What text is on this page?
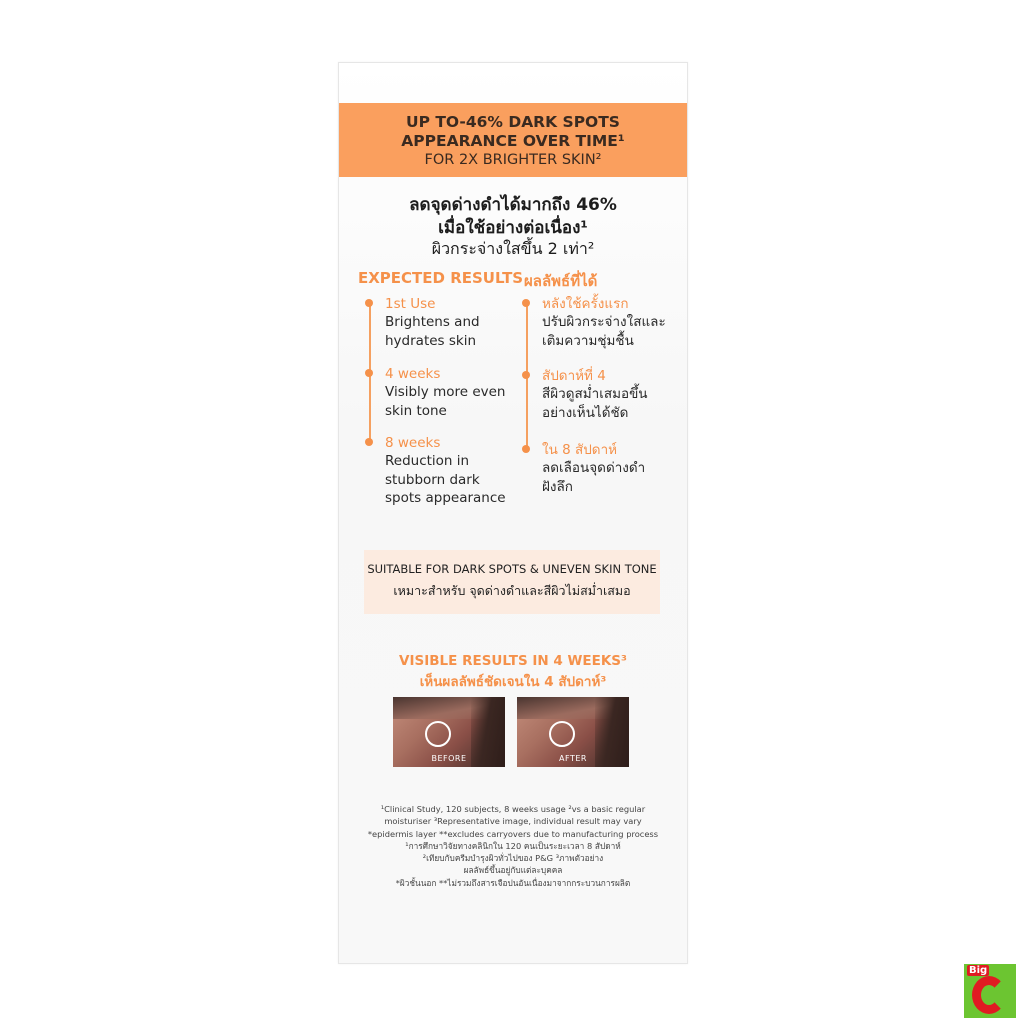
UP TO-46% DARK SPOTS
APPEARANCE OVER TIME¹
FOR 2X BRIGHTER SKIN²
ลดจุดด่างดำได้มากถึง 46%
เมื่อใช้อย่างต่อเนื่อง¹
ผิวกระจ่างใสขึ้น 2 เท่า²
EXPECTED RESULTS ผลลัพธ์ที่ได้
1st Use
Brightens and
hydrates skin
4 weeks
Visibly more even
skin tone
8 weeks
Reduction in
stubborn dark
spots appearance
หลังใช้ครั้งแรก
ปรับผิวกระจ่างใสและ
เติมความชุ่มชื้น
สัปดาห์ที่ 4
สีผิวดูสม่ำเสมอขึ้น
อย่างเห็นได้ชัด
ใน 8 สัปดาห์
ลดเลือนจุดด่างดำ
ฝังลึก
SUITABLE FOR DARK SPOTS & UNEVEN SKIN TONE
เหมาะสำหรับ จุดด่างดำและสีผิวไม่สม่ำเสมอ
VISIBLE RESULTS IN 4 WEEKS³
เห็นผลลัพธ์ชัดเจนใน 4 สัปดาห์³
BEFORE	AFTER
¹Clinical Study, 120 subjects, 8 weeks usage ²vs a basic regular
moisturiser ³Representative image, individual result may vary
*epidermis layer **excludes carryovers due to manufacturing process
¹การศึกษาวิจัยทางคลินิกใน 120 คนเป็นระยะเวลา 8 สัปดาห์
²เทียบกับครีมบำรุงผิวทั่วไปของ P&G ³ภาพตัวอย่าง
ผลลัพธ์ขึ้นอยู่กับแต่ละบุคคล
*ผิวชั้นนอก **ไม่รวมถึงสารเจือปนอันเนื่องมาจากกระบวนการผลิต
Big
